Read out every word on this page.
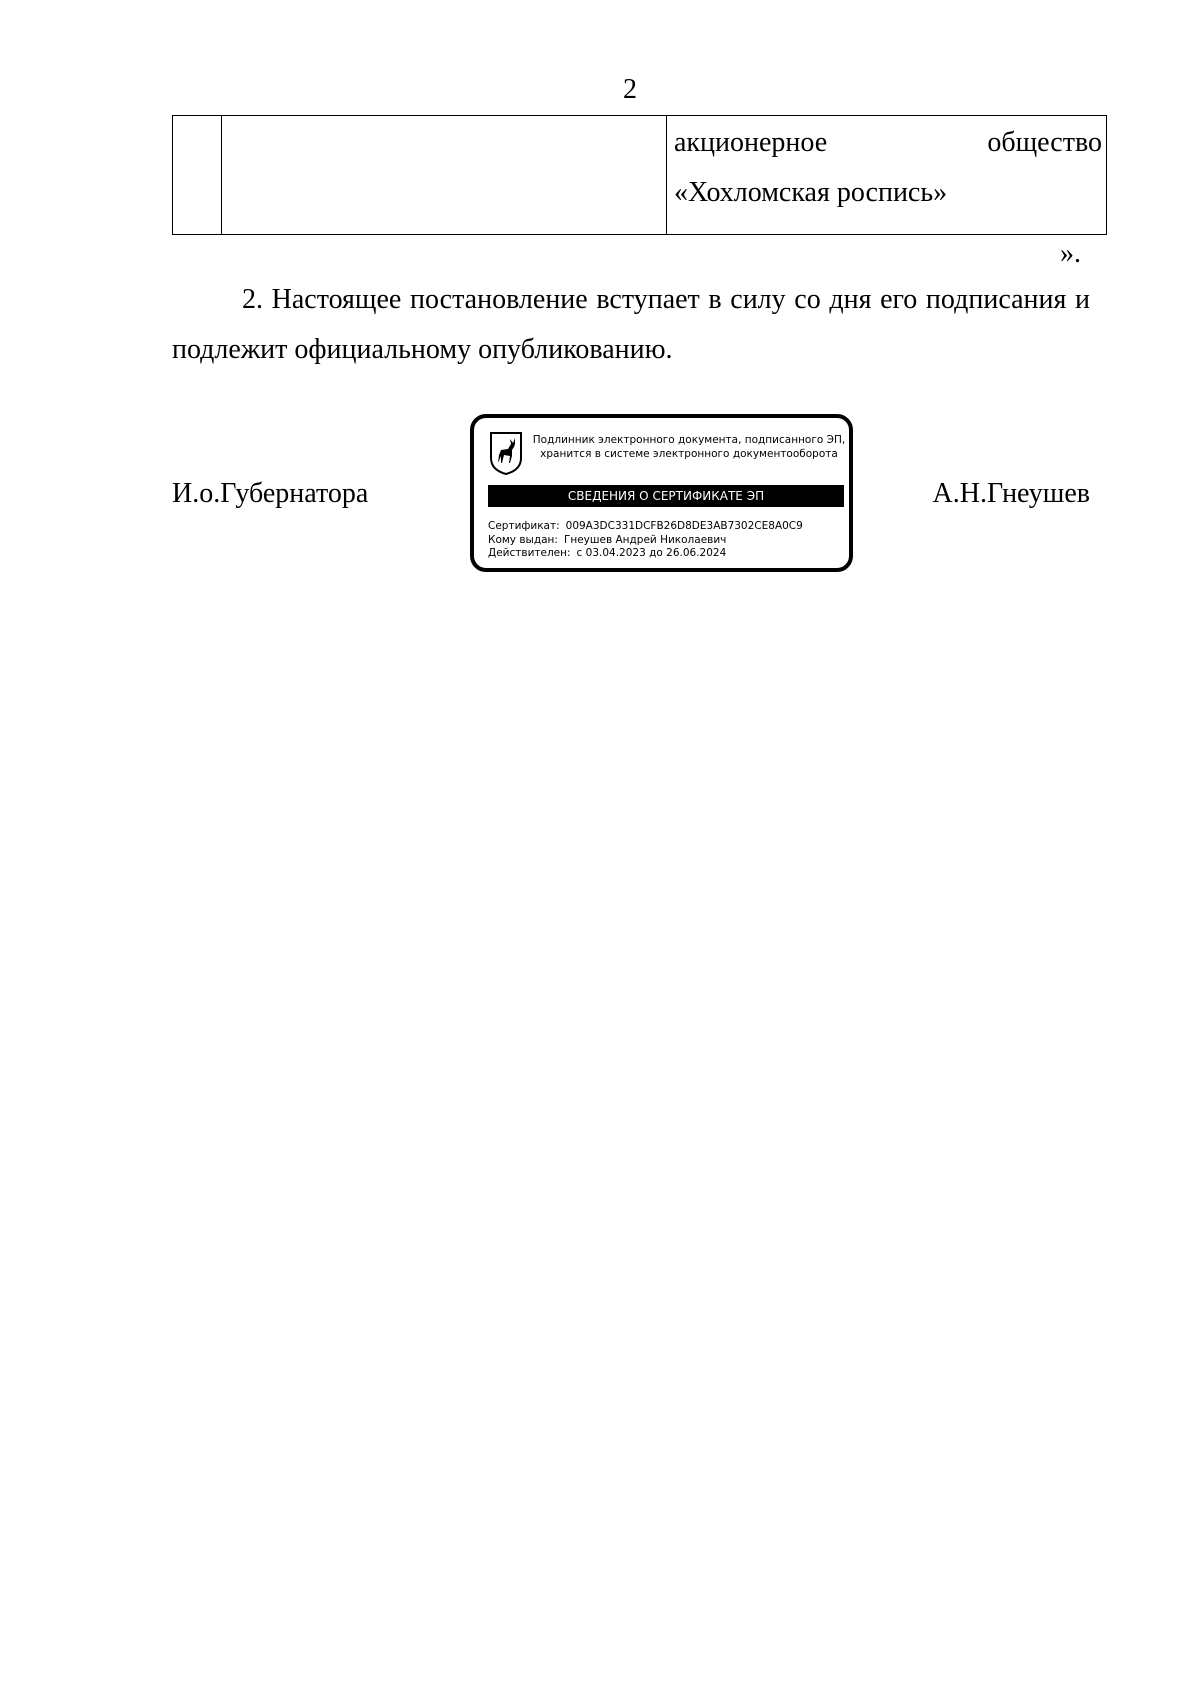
2

акционерное	общество
«Хохломская роспись»
».
2. Настоящее постановление вступает в силу со дня его подписания и подлежит официальному опубликованию.
И.о.Губернатора	А.Н.Гнеушев
Подлинник электронного документа, подписанного ЭП,
хранится в системе электронного документооборота
СВЕДЕНИЯ О СЕРТИФИКАТЕ ЭП
Сертификат: 009A3DC331DCFB26D8DE3AB7302CE8A0C9
Кому выдан: Гнеушев Андрей Николаевич
Действителен: с 03.04.2023 до 26.06.2024
